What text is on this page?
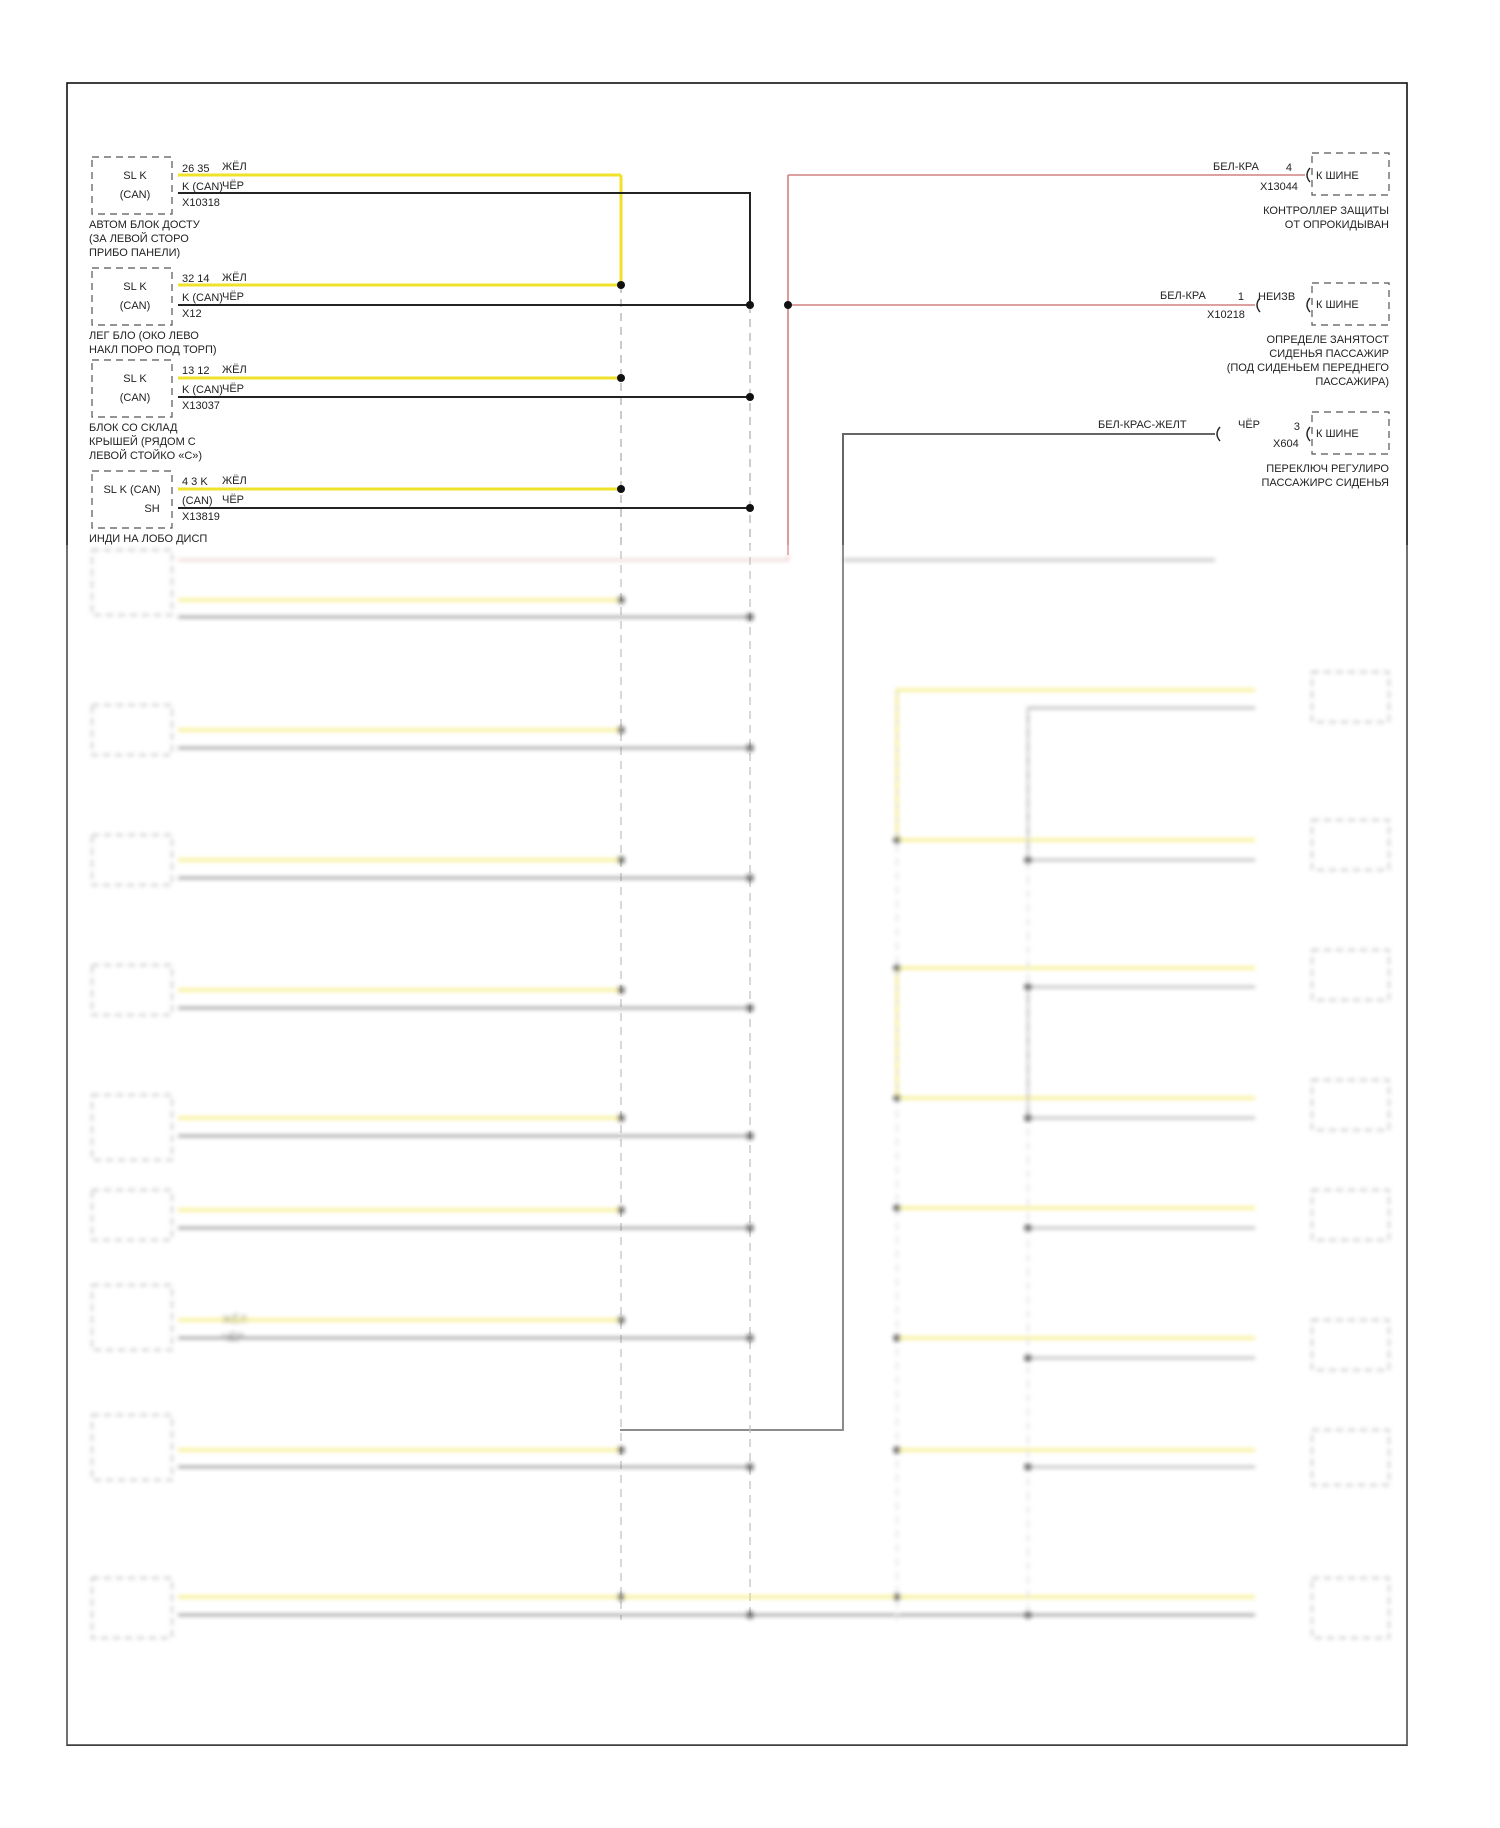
SL K
(CAN)
26 35
K (CAN)
ЖЁЛ
ЧЁР
X10318
АВТОМ БЛОК ДОСТУ
(ЗА ЛЕВОЙ СТОРО
ПРИБО ПАНЕЛИ)
SL K
(CAN)
32 14
K (CAN)
ЖЁЛ
ЧЁР
X12
ЛЕГ БЛО (ОКО ЛЕВО
НАКЛ ПОРО ПОД ТОРП)
SL K
(CAN)
13 12
K (CAN)
ЖЁЛ
ЧЁР
X13037
БЛОК СО СКЛАД
КРЫШЕЙ (РЯДОМ С
ЛЕВОЙ СТОЙКО «С»)
SL K (CAN)
SH
4 3 K
(CAN)
ЖЁЛ
ЧЁР
X13819
ИНДИ НА ЛОБО ДИСП
К ШИНЕ
БЕЛ-КРА 4
X13044
КОНТРОЛЛЕР ЗАЩИТЫ
ОТ ОПРОКИДЫВАН
К ШИНЕ
БЕЛ-КРА	1 НЕИЗВ
X10218
ОПРЕДЕЛЕ ЗАНЯТОСТ
СИДЕНЬЯ ПАССАЖИР
(ПОД СИДЕНЬЕМ ПЕРЕДНЕГО
ПАССАЖИРА)
К ШИНЕ
БЕЛ-КРАС-ЖЕЛТ	3
ЧЁР
X604
ПЕРЕКЛЮЧ РЕГУЛИРО
ПАССАЖИРС СИДЕНЬЯ
ЖЁЛ
ЧЁР
